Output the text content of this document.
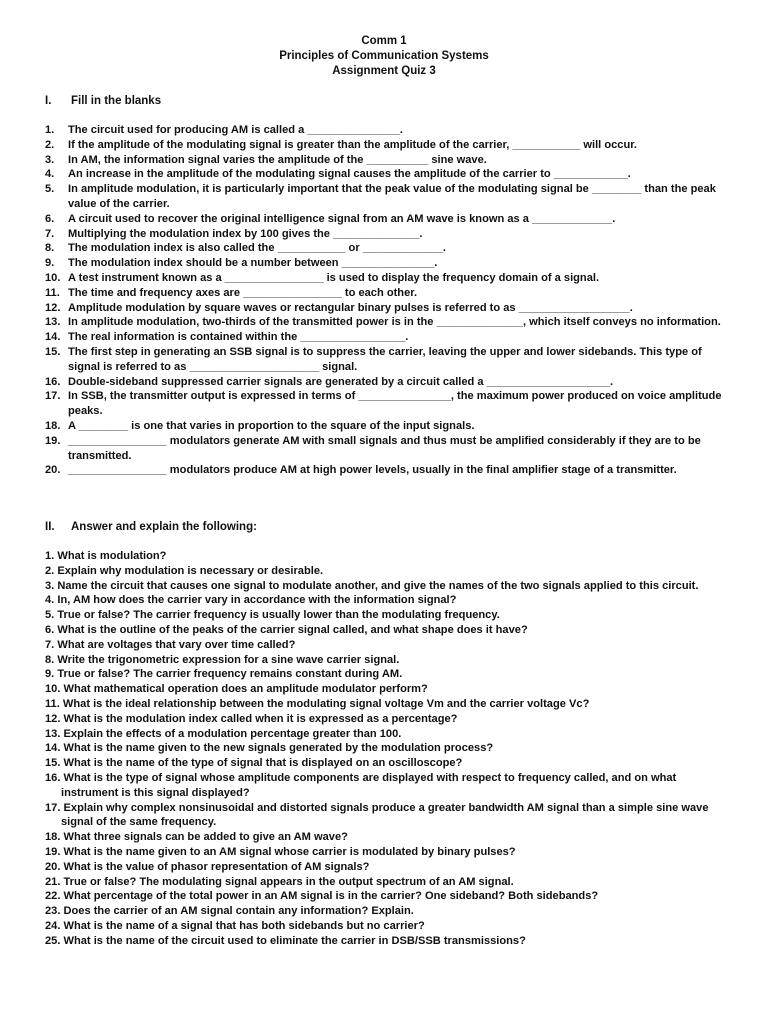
Comm 1
Principles of Communication Systems
Assignment Quiz 3
I. Fill in the blanks
1.	The circuit used for producing AM is called a _______________.
2.	If the amplitude of the modulating signal is greater than the amplitude of the carrier, ___________ will occur.
3.	In AM, the information signal varies the amplitude of the __________ sine wave.
4.	An increase in the amplitude of the modulating signal causes the amplitude of the carrier to ____________.
5.	In amplitude modulation, it is particularly important that the peak value of the modulating signal be ________ than the peak value of the carrier.
6.	A circuit used to recover the original intelligence signal from an AM wave is known as a _____________.
7.	Multiplying the modulation index by 100 gives the ______________.
8.	The modulation index is also called the ___________ or _____________.
9.	The modulation index should be a number between _______________.
10. A test instrument known as a ________________ is used to display the frequency domain of a signal.
11. The time and frequency axes are ________________ to each other.
12. Amplitude modulation by square waves or rectangular binary pulses is referred to as __________________.
13. In amplitude modulation, two-thirds of the transmitted power is in the ______________, which itself conveys no information.
14. The real information is contained within the _________________.
15. The first step in generating an SSB signal is to suppress the carrier, leaving the upper and lower sidebands. This type of signal is referred to as _____________________ signal.
16. Double-sideband suppressed carrier signals are generated by a circuit called a ____________________.
17. In SSB, the transmitter output is expressed in terms of _______________, the maximum power produced on voice amplitude peaks.
18. A ________ is one that varies in proportion to the square of the input signals.
19. ________________ modulators generate AM with small signals and thus must be amplified considerably if they are to be transmitted.
20. ________________ modulators produce AM at high power levels, usually in the final amplifier stage of a transmitter.
II. Answer and explain the following:
1. What is modulation?
2. Explain why modulation is necessary or desirable.
3. Name the circuit that causes one signal to modulate another, and give the names of the two signals applied to this circuit.
4. In, AM how does the carrier vary in accordance with the information signal?
5. True or false? The carrier frequency is usually lower than the modulating frequency.
6. What is the outline of the peaks of the carrier signal called, and what shape does it have?
7. What are voltages that vary over time called?
8. Write the trigonometric expression for a sine wave carrier signal.
9. True or false? The carrier frequency remains constant during AM.
10. What mathematical operation does an amplitude modulator perform?
11. What is the ideal relationship between the modulating signal voltage Vm and the carrier voltage Vc?
12. What is the modulation index called when it is expressed as a percentage?
13. Explain the effects of a modulation percentage greater than 100.
14. What is the name given to the new signals generated by the modulation process?
15. What is the name of the type of signal that is displayed on an oscilloscope?
16. What is the type of signal whose amplitude components are displayed with respect to frequency called, and on what instrument is this signal displayed?
17. Explain why complex nonsinusoidal and distorted signals produce a greater bandwidth AM signal than a simple sine wave signal of the same frequency.
18. What three signals can be added to give an AM wave?
19. What is the name given to an AM signal whose carrier is modulated by binary pulses?
20. What is the value of phasor representation of AM signals?
21. True or false? The modulating signal appears in the output spectrum of an AM signal.
22. What percentage of the total power in an AM signal is in the carrier? One sideband? Both sidebands?
23. Does the carrier of an AM signal contain any information? Explain.
24. What is the name of a signal that has both sidebands but no carrier?
25. What is the name of the circuit used to eliminate the carrier in DSB/SSB transmissions?
